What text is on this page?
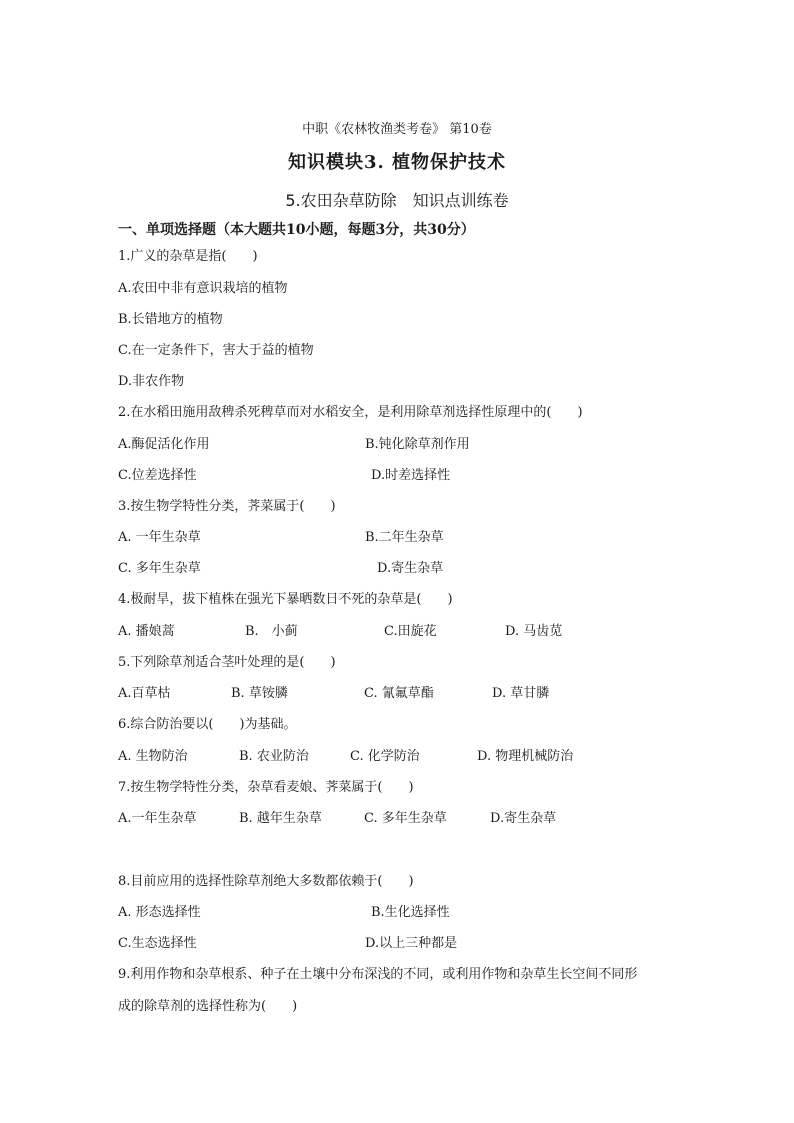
中职《农林牧渔类考卷》 第10卷
知识模块3. 植物保护技术
5.农田杂草防除　知识点训练卷
一、单项选择题（本大题共10小题，每题3分，共30分）
1.广义的杂草是指(　　)
A.农田中非有意识栽培的植物
B.长错地方的植物
C.在一定条件下，害大于益的植物
D.非农作物
2.在水稻田施用敌稗杀死稗草而对水稻安全，是利用除草剂选择性原理中的(　　)
A.酶促活化作用	B.钝化除草剂作用
C.位差选择性	D.时差选择性
3.按生物学特性分类，荠菜属于(　　)
A. 一年生杂草	B.二年生杂草
C. 多年生杂草	D.寄生杂草
4.极耐旱，拔下植株在强光下暴晒数日不死的杂草是(　　)
A. 播娘蒿	B.　小蓟	C.田旋花	D. 马齿苋
5.下列除草剂适合茎叶处理的是(　　)
A.百草枯	B. 草铵膦	C. 氰氟草酯	D. 草甘膦
6.综合防治要以(　　)为基础。
A. 生物防治	B. 农业防治	C. 化学防治	D. 物理机械防治
7.按生物学特性分类，杂草看麦娘、荠菜属于(　　)
A.一年生杂草	B. 越年生杂草	C. 多年生杂草	D.寄生杂草
8.目前应用的选择性除草剂绝大多数都依赖于(　　)
A. 形态选择性	B.生化选择性
C.生态选择性	D.以上三种都是
9.利用作物和杂草根系、种子在土壤中分布深浅的不同，或利用作物和杂草生长空间不同形
成的除草剂的选择性称为(　　)
